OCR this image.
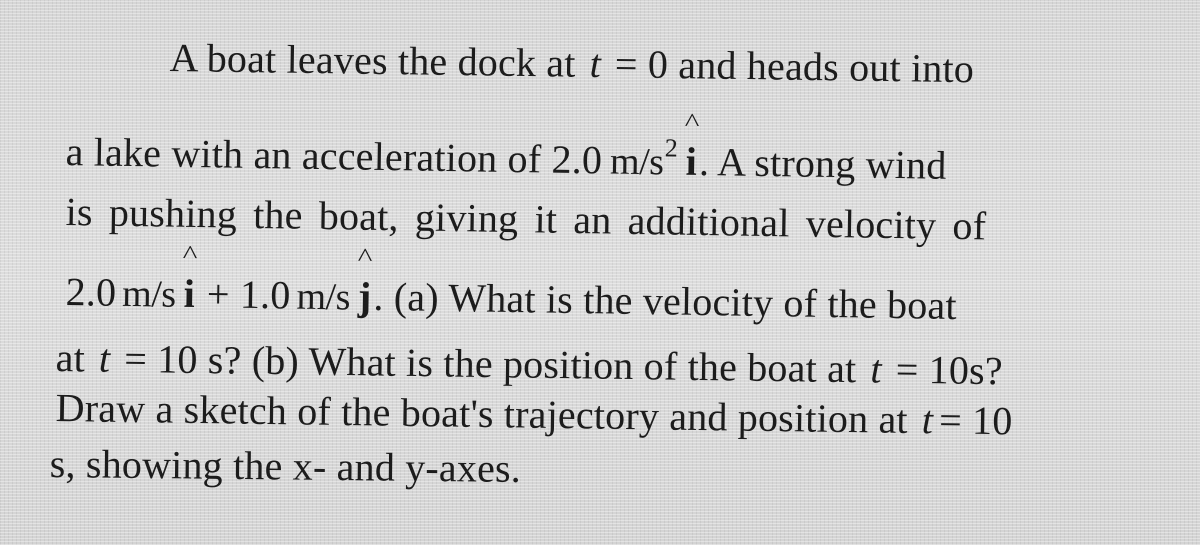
A boat leaves the dock at t = 0 and heads out into
a lake with an acceleration of 2.0 $m/s^2$
^
i. A strong wind
is pushing the boat, giving it an additional velocity of
2.0 m/s
^
i + 1.0 m/s
^
j. (a) What is the velocity of the boat
at t = 10 s? (b) What is the position of the boat at t = 10s?
Draw a sketch of the boat's trajectory and position at t = 10
s, showing the x- and y-axes.
